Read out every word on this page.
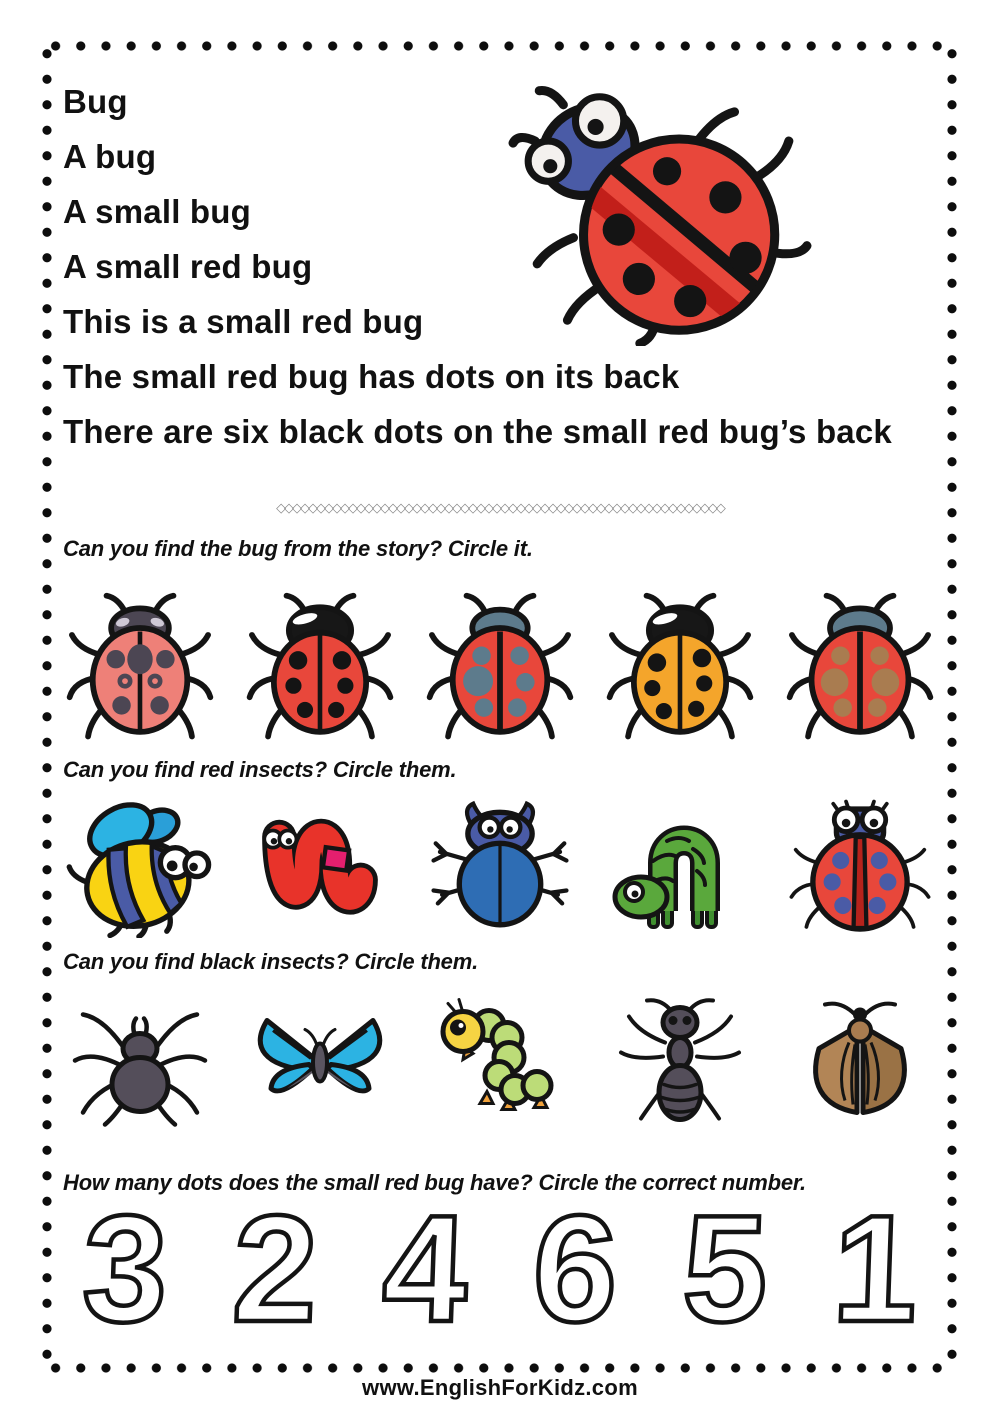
Bug

A bug

A small bug

A small red bug

This is a small red bug

The small red bug has dots on its back

There are six black dots on the small red bug’s back

◇◇◇◇◇◇◇◇◇◇◇◇◇◇◇◇◇◇◇◇◇◇◇◇◇◇◇◇◇◇◇◇◇◇◇◇◇◇◇◇◇◇◇◇◇◇◇◇◇◇◇◇◇◇◇◇

Can you find the bug from the story? Circle it.

Can you find red insects? Circle them.

Can you find black insects? Circle them.

How many dots does the small red bug have? Circle the correct number.

3 2 4 6 5 1
www.EnglishForKidz.com
